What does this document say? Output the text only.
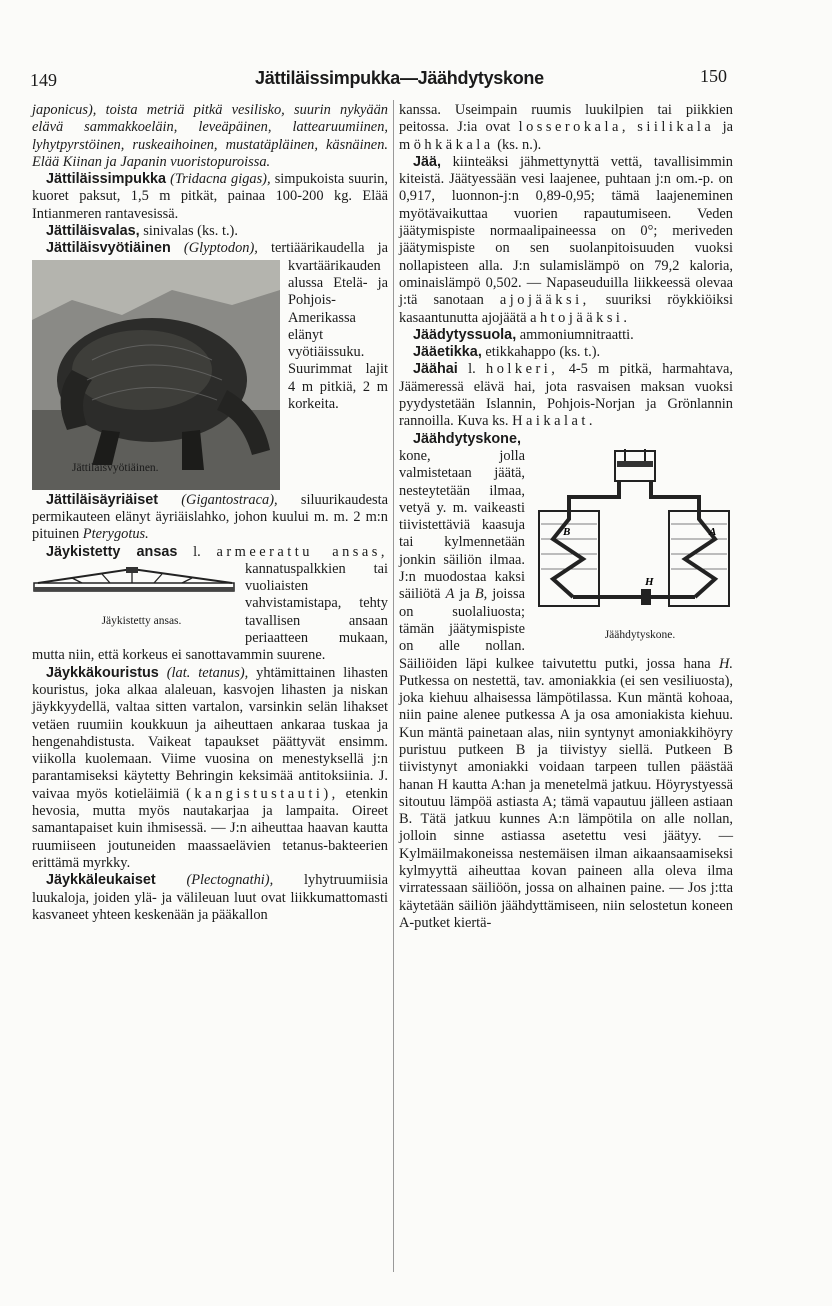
149	Jättiläissimpukka—Jäähdytyskone	150

japonicus), toista metriä pitkä vesilisko, suurin nykyään elävä sammakkoeläin, leveäpäinen, lattearuumiinen, lyhytpyrstöinen, ruskeaihoinen, mustatäpläinen, käsnäinen. Elää Kiinan ja Japanin vuoristopuroissa.

Jättiläissimpukka (Tridacna gigas), simpukoista suurin, kuoret paksut, 1,5 m pitkät, painaa 100-200 kg. Elää Intianmeren rantavesissä.

Jättiläisvalas, sinivalas (ks. t.).

Jättiläisvyötiäinen (Glyptodon), tertiäärikaudella ja kvartäärikauden alussa Etelä- ja Pohjois-Amerikassa elänyt vyötiäissuku. Suurimmat lajit 4 m pitkiä, 2 m korkeita.

Jättiläisvyötiäinen.

Jättiläisäyriäiset (Gigantostraca), siluurikaudesta permikauteen elänyt äyriäislahko, johon kuului m. m. 2 m:n pituinen Pterygotus.

Jäykistetty ansas l. armeerattu ansas,
Jäykistetty ansas.
kannatuspalkkien tai vuoliaisten vahvistamistapa, tehty tavallisen ansaan periaatteen mukaan, mutta niin, että korkeus ei sanottavammin suurene.

Jäykkäkouristus (lat. tetanus), yhtämittainen lihasten kouristus, joka alkaa alaleuan, kasvojen lihasten ja niskan jäykkyydellä, valtaa sitten vartalon, varsinkin selän lihakset vetäen ruumiin koukkuun ja aiheuttaen ankaraa tuskaa ja hengenahdistusta. Vaikeat tapaukset päättyvät ensimm. viikolla kuolemaan. Viime vuosina on menestyksellä j:n parantamiseksi käytetty Behringin keksimää antitoksiinia. J. vaivaa myös kotieläimiä (kangistustauti), etenkin hevosia, mutta myös nautakarjaa ja lampaita. Oireet samantapaiset kuin ihmisessä. — J:n aiheuttaa haavan kautta ruumiiseen joutuneiden maassaelävien tetanus-bakteerien erittämä myrkky.

Jäykkäleukaiset (Plectognathi), lyhytruumiisia luukaloja, joiden ylä- ja välileuan luut ovat liikkumattomasti kasvaneet yhteen keskenään ja pääkallon

kanssa. Useimpain ruumis luukilpien tai piikkien peitossa. J:ia ovat losserokala, siilikala ja möhkäkala (ks. n.).

Jää, kiinteäksi jähmettynyttä vettä, tavallisimmin kiteistä. Jäätyessään vesi laajenee, puhtaan j:n om.-p. on 0,917, luonnon-j:n 0,89-0,95; tämä laajeneminen myötävaikuttaa vuorien rapautumiseen. Veden jäätymispiste normaalipaineessa on 0°; meriveden jäätymispiste on sen suolanpitoisuuden vuoksi nollapisteen alla. J:n sulamislämpö on 79,2 kaloria, ominaislämpö 0,502. — Napaseuduilla liikkeessä olevaa j:tä sanotaan ajojääksi, suuriksi röykkiöiksi kasaantunutta ajojäätä ahtojääksi.

Jäädytyssuola, ammoniumnitraatti.

Jääetikka, etikkahappo (ks. t.).

Jäähai l. holkeri, 4-5 m pitkä, harmahtava, Jäämeressä elävä hai, jota rasvaisen maksan vuoksi pyydystetään Islannin, Pohjois-Norjan ja Grönlannin rannoilla. Kuva ks. Haikalat.

Jäähdytyskone,
B	A
H
Jäähdytyskone.
kone, jolla valmistetaan jäätä, nesteytetään ilmaa, vetyä y. m. vaikeasti tiivistettäviä kaasuja tai kylmennetään jonkin säiliön ilmaa. J:n muodostaa kaksi säiliötä A ja B, joissa on suolaliuosta; tämän jäätymispiste on alle nollan. Säiliöiden läpi kulkee taivutettu putki, jossa hana H. Putkessa on nestettä, tav. amoniakkia (ei sen vesiliuosta), joka kiehuu alhaisessa lämpötilassa. Kun mäntä kohoaa, niin paine alenee putkessa A ja osa amoniakista kiehuu. Kun mäntä painetaan alas, niin syntynyt amoniakkihöyry puristuu putkeen B ja tiivistyy siellä. Putkeen B tiivistynyt amoniakki voidaan tarpeen tullen päästää hanan H kautta A:han ja menetelmä jatkuu. Höyrystyessä sitoutuu lämpöä astiasta A; tämä vapautuu jälleen astiaan B. Tätä jatkuu kunnes A:n lämpötila on alle nollan, jolloin sinne astiassa asetettu vesi jäätyy. — Kylmäilmakoneissa nestemäisen ilman aikaansaamiseksi kylmyyttä aiheuttaa kovan paineen alla oleva ilma virratessaan säiliöön, jossa on alhainen paine. — Jos j:tta käytetään säiliön jäähdyttämiseen, niin selostetun koneen A-putket kiertä-
